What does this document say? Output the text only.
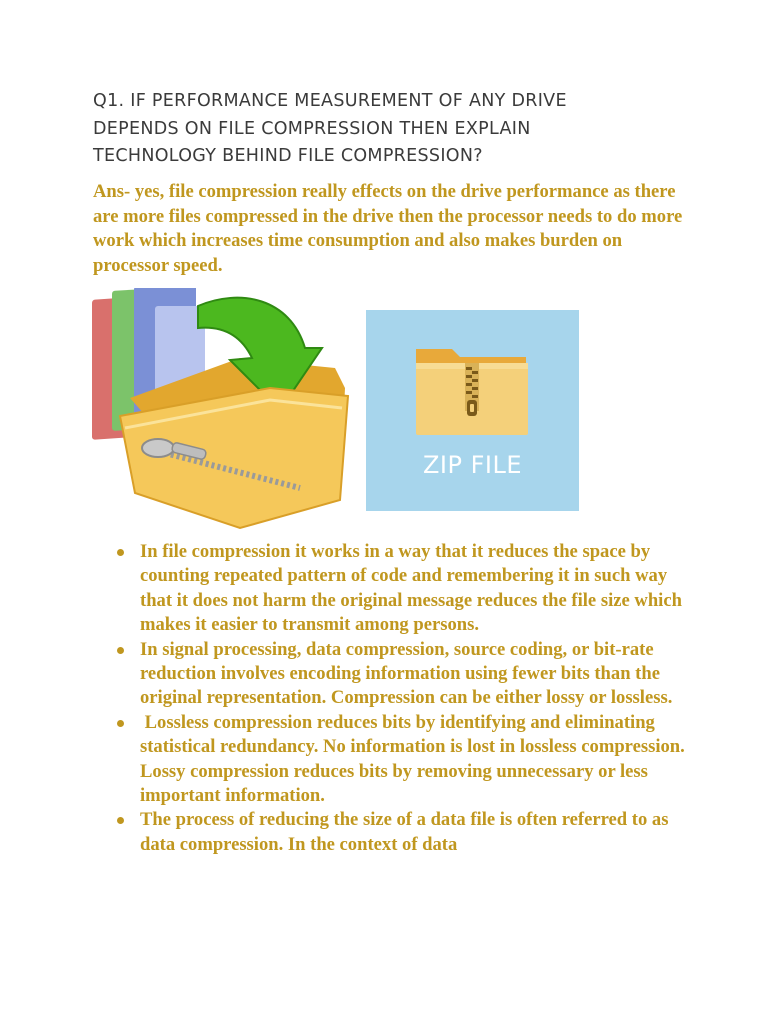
Q1. IF PERFORMANCE MEASUREMENT OF ANY DRIVE DEPENDS ON FILE COMPRESSION THEN EXPLAIN TECHNOLOGY BEHIND FILE COMPRESSION?

Ans- yes, file compression really effects on the drive performance as there are more files compressed in the drive then the processor needs to do more work which increases time consumption and also makes burden on processor speed.

ZIP FILE
In file compression it works in a way that it reduces the space by counting repeated pattern of code and remembering it in such way that it does not harm the original message reduces the file size which makes it easier to transmit among persons.
In signal processing, data compression, source coding, or bit-rate reduction involves encoding information using fewer bits than the original representation. Compression can be either lossy or lossless.
Lossless compression reduces bits by identifying and eliminating statistical redundancy. No information is lost in lossless compression. Lossy compression reduces bits by removing unnecessary or less important information.
The process of reducing the size of a data file is often referred to as data compression. In the context of data
